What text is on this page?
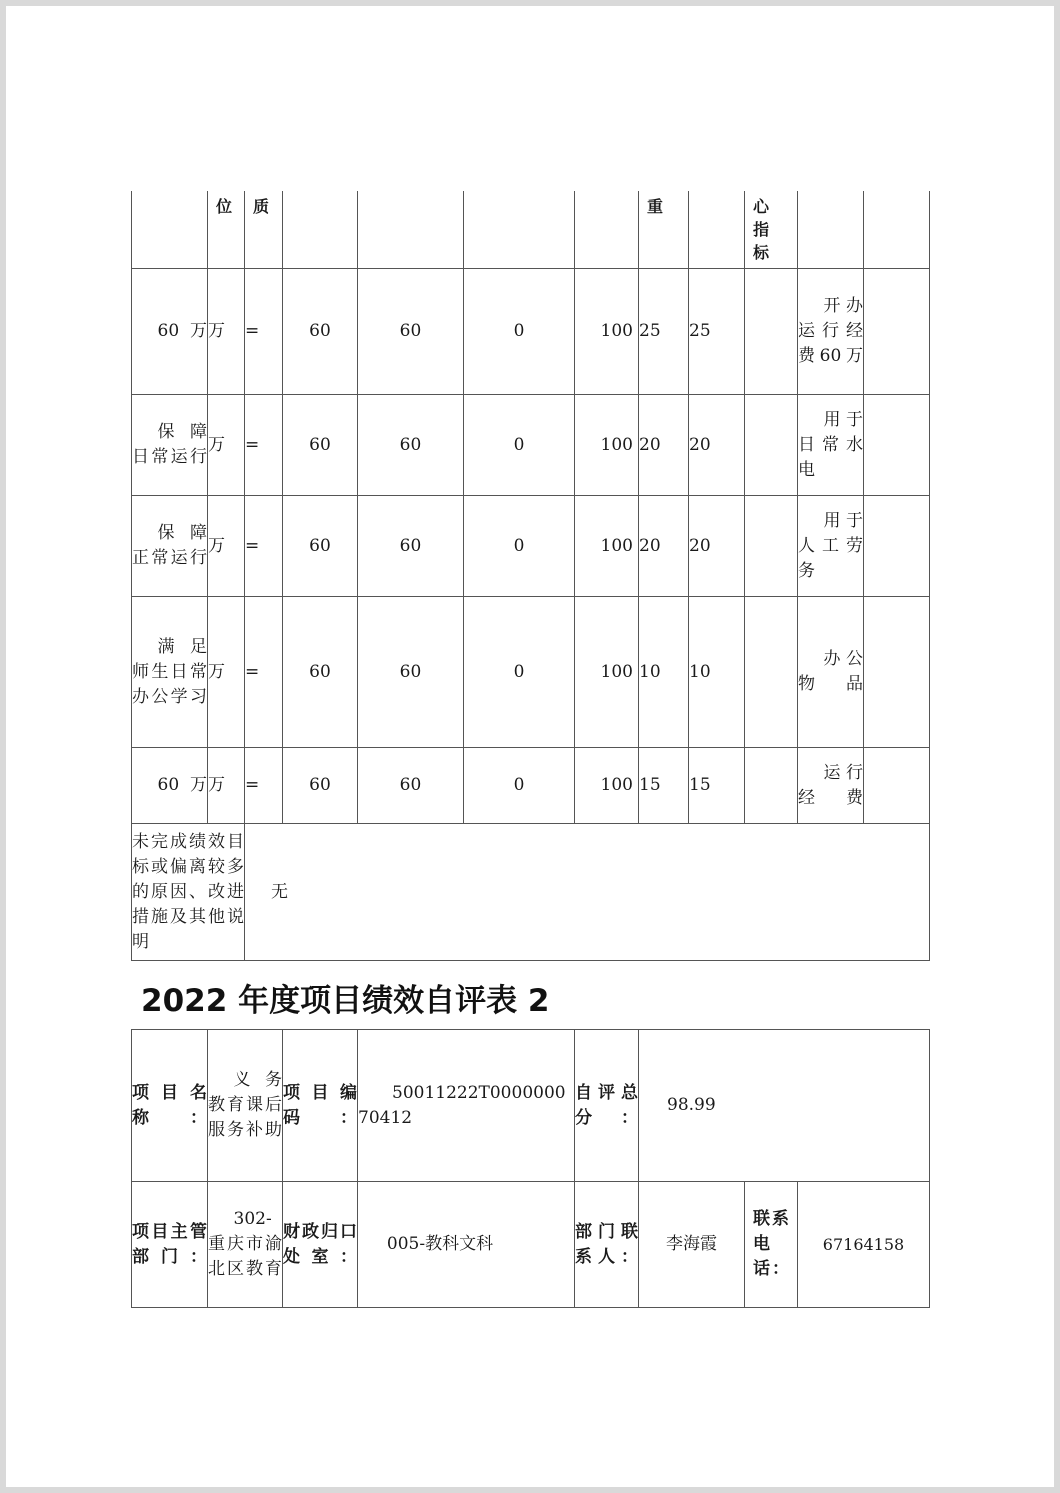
	位	质					重		心指标		

60万	万	=	60	60	0	100	25	25		开办运行经费60万	
保障日常运行	万	=	60	60	0	100	20	20		用于日常水电	
保障正常运行	万	=	60	60	0	100	20	20		用于人工劳务	
满足师生日常办公学习	万	=	60	60	0	100	10	10		办公物品	
60万	万	=	60	60	0	100	15	15		运行经费	
未完成绩效目标或偏离较多的原因、改进措施及其他说明		无									
2022 年度项目绩效自评表 2
项目名称：	义务教育课后服务补助	项目编码：	50011222T000000070412	自评总分：	98.99		
项目主管部门：	302-重庆市渝北区教育	财政归口处室：	005-教科文科	部门联系人：	李海霞	联系电话：	67164158
